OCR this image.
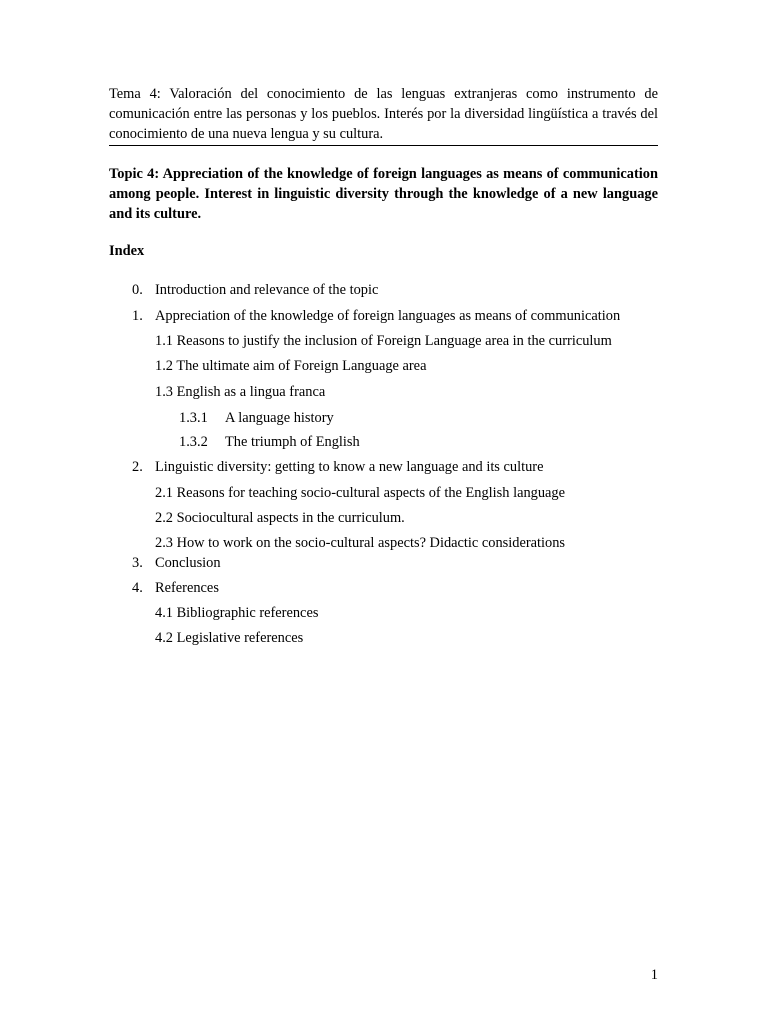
Tema 4: Valoración del conocimiento de las lenguas extranjeras como instrumento de comunicación entre las personas y los pueblos. Interés por la diversidad lingüística a través del conocimiento de una nueva lengua y su cultura.
Topic 4: Appreciation of the knowledge of foreign languages as means of communication among people. Interest in linguistic diversity through the knowledge of a new language and its culture.
Index
0. Introduction and relevance of the topic
1. Appreciation of the knowledge of foreign languages as means of communication
1.1 Reasons to justify the inclusion of Foreign Language area in the curriculum
1.2 The ultimate aim of Foreign Language area
1.3 English as a lingua franca
1.3.1 A language history
1.3.2 The triumph of English
2. Linguistic diversity: getting to know a new language and its culture
2.1 Reasons for teaching socio-cultural aspects of the English language
2.2 Sociocultural aspects in the curriculum.
2.3 How to work on the socio-cultural aspects? Didactic considerations
3. Conclusion
4. References
4.1 Bibliographic references
4.2 Legislative references
1
